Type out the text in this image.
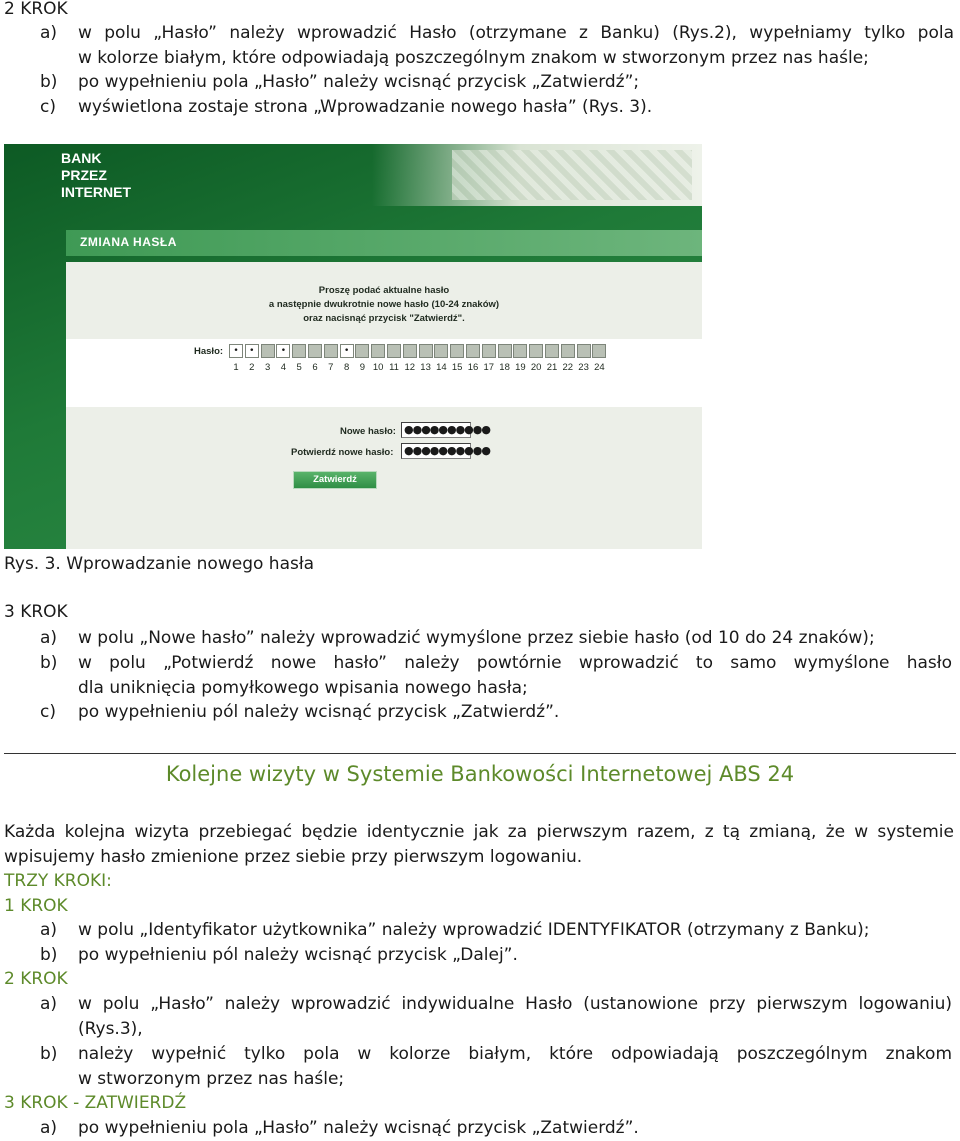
2 KROK
a) w polu „Hasło” należy wprowadzić Hasło (otrzymane z Banku) (Rys.2), wypełniamy tylko pola
w kolorze białym, które odpowiadają poszczególnym znakom w stworzonym przez nas haśle;
b) po wypełnieniu pola „Hasło” należy wcisnąć przycisk „Zatwierdź”;
c) wyświetlona zostaje strona „Wprowadzanie nowego hasła” (Rys. 3).
BANK
PRZEZ
INTERNET
ZMIANA HASŁA
Proszę podać aktualne hasło
a następnie dwukrotnie nowe hasło (10-24 znaków)
oraz nacisnąć przycisk "Zatwierdź".
Hasło:	•
1
•
2	3
•
4	5	6	7
•
8	9 10 11 12 13 14 15 16 17 18 19 20 21 22 23 24
Nowe hasło: ●●●●●●●●●●
Potwierdź nowe hasło: ●●●●●●●●●●
Zatwierdź
Rys. 3. Wprowadzanie nowego hasła
3 KROK
a) w polu „Nowe hasło” należy wprowadzić wymyślone przez siebie hasło (od 10 do 24 znaków);
b) w polu „Potwierdź nowe hasło” należy powtórnie wprowadzić to samo wymyślone hasło
dla uniknięcia pomyłkowego wpisania nowego hasła;
c) po wypełnieniu pól należy wcisnąć przycisk „Zatwierdź”.
Kolejne wizyty w Systemie Bankowości Internetowej ABS 24
Każda kolejna wizyta przebiegać będzie identycznie jak za pierwszym razem, z tą zmianą, że w systemie
wpisujemy hasło zmienione przez siebie przy pierwszym logowaniu.
TRZY KROKI:
1 KROK
a) w polu „Identyfikator użytkownika” należy wprowadzić IDENTYFIKATOR (otrzymany z Banku);
b) po wypełnieniu pól należy wcisnąć przycisk „Dalej”.
2 KROK
a) w polu „Hasło” należy wprowadzić indywidualne Hasło (ustanowione przy pierwszym logowaniu)
(Rys.3),
b) należy wypełnić tylko pola w kolorze białym, które odpowiadają poszczególnym znakom
w stworzonym przez nas haśle;
3 KROK - ZATWIERDŹ
a) po wypełnieniu pola „Hasło” należy wcisnąć przycisk „Zatwierdź”.
